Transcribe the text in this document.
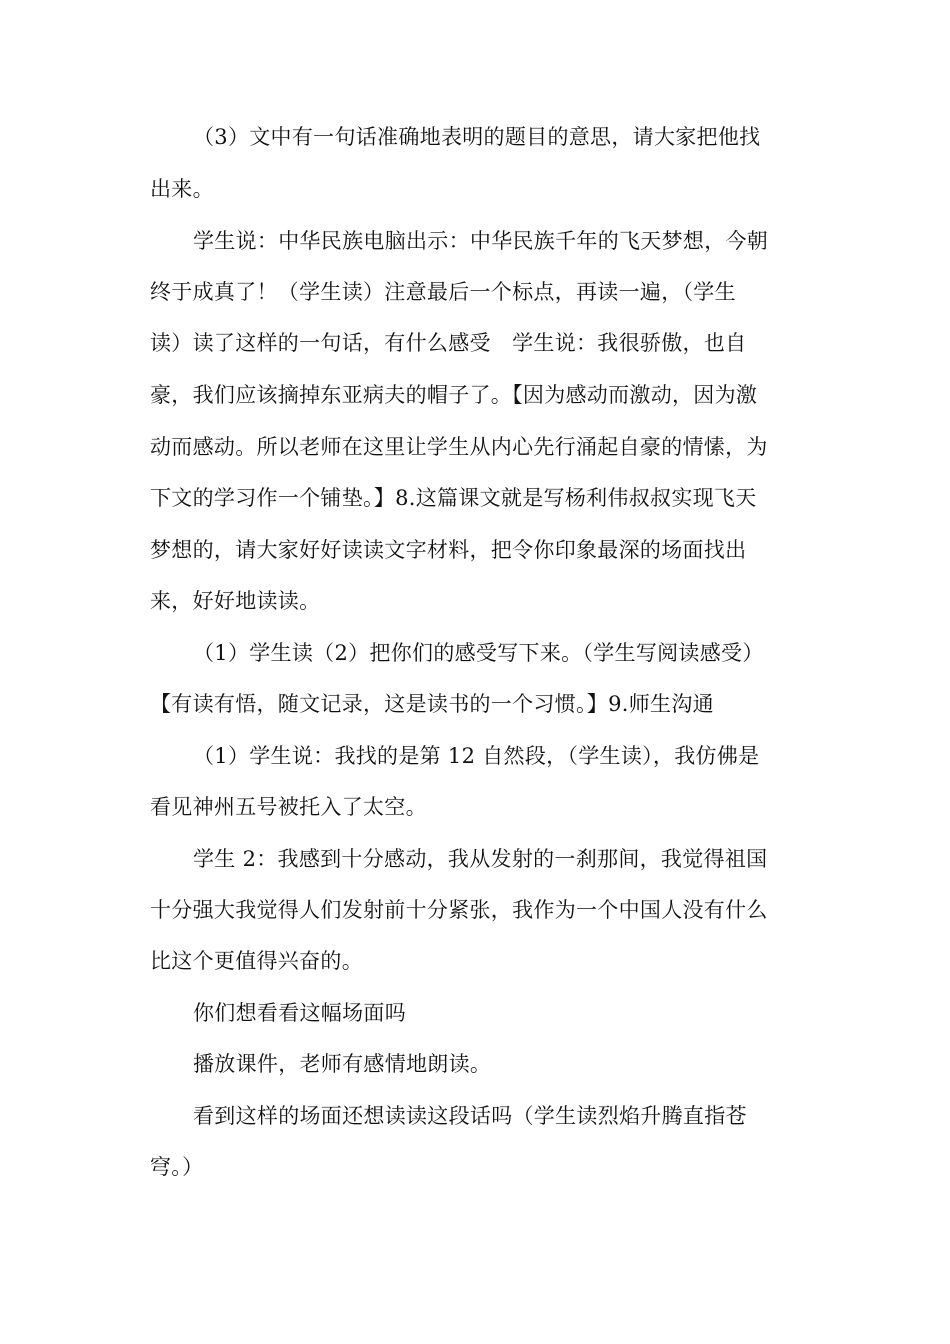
（3）文中有一句话准确地表明的题目的意思，请大家把他找

出来。

学生说：中华民族电脑出示：中华民族千年的飞天梦想，今朝

终于成真了！（学生读）注意最后一个标点，再读一遍，（学生

读）读了这样的一句话，有什么感受　学生说：我很骄傲，也自

豪，我们应该摘掉东亚病夫的帽子了。【因为感动而激动，因为激

动而感动。所以老师在这里让学生从内心先行涌起自豪的情愫，为

下文的学习作一个铺垫。】8.这篇课文就是写杨利伟叔叔实现飞天

梦想的，请大家好好读读文字材料，把令你印象最深的场面找出

来，好好地读读。

（1）学生读（2）把你们的感受写下来。（学生写阅读感受）

【有读有悟，随文记录，这是读书的一个习惯。】9.师生沟通

（1）学生说：我找的是第 12 自然段，（学生读），我仿佛是

看见神州五号被托入了太空。

学生 2：我感到十分感动，我从发射的一刹那间，我觉得祖国

十分强大我觉得人们发射前十分紧张，我作为一个中国人没有什么

比这个更值得兴奋的。

你们想看看这幅场面吗

播放课件，老师有感情地朗读。

看到这样的场面还想读读这段话吗（学生读烈焰升腾直指苍

穹。）
